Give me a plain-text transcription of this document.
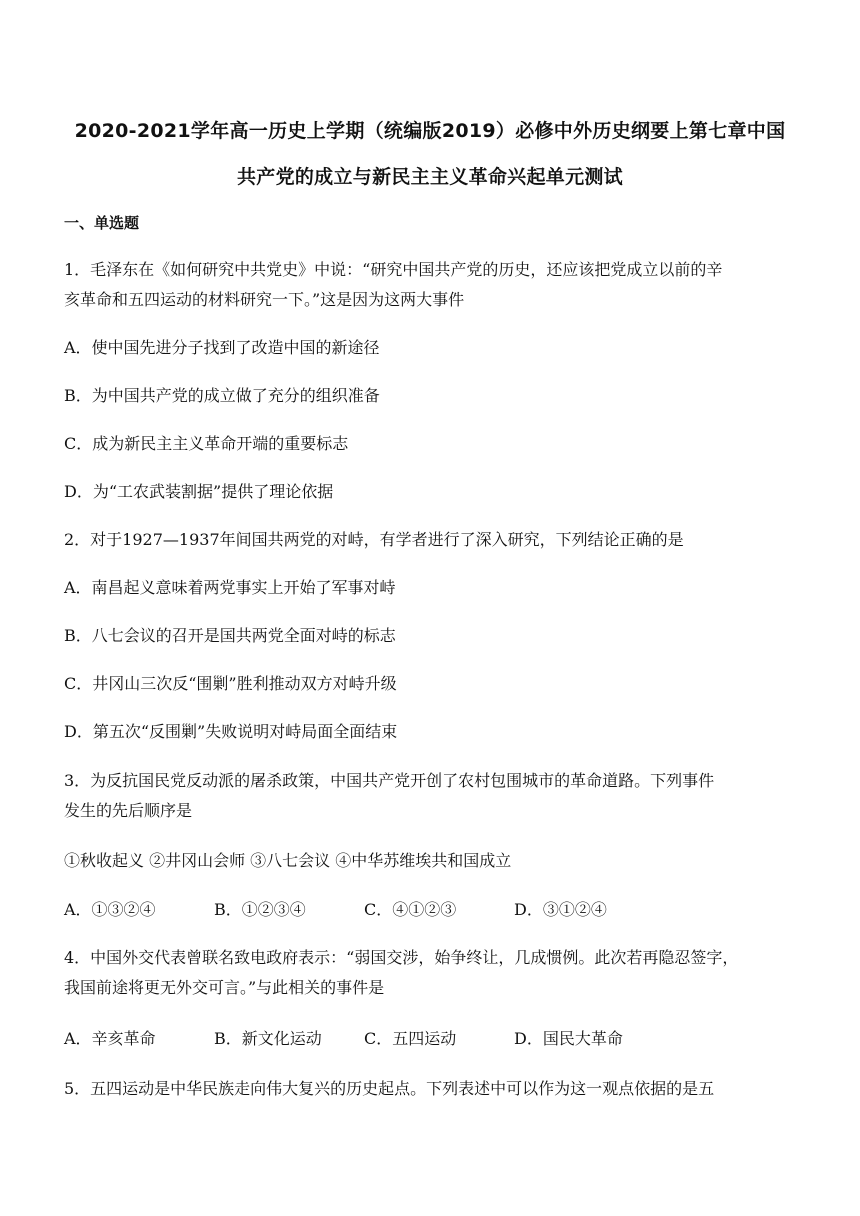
2020-2021学年高一历史上学期（统编版2019）必修中外历史纲要上第七章中国
共产党的成立与新民主主义革命兴起单元测试
一、单选题
1．毛泽东在《如何研究中共党史》中说：“研究中国共产党的历史，还应该把党成立以前的辛
亥革命和五四运动的材料研究一下。”这是因为这两大事件
A．使中国先进分子找到了改造中国的新途径
B．为中国共产党的成立做了充分的组织准备
C．成为新民主主义革命开端的重要标志
D．为“工农武装割据”提供了理论依据
2．对于1927—1937年间国共两党的对峙，有学者进行了深入研究，下列结论正确的是
A．南昌起义意味着两党事实上开始了军事对峙
B．八七会议的召开是国共两党全面对峙的标志
C．井冈山三次反“围剿”胜利推动双方对峙升级
D．第五次“反围剿”失败说明对峙局面全面结束
3．为反抗国民党反动派的屠杀政策，中国共产党开创了农村包围城市的革命道路。下列事件
发生的先后顺序是
①秋收起义 ②井冈山会师 ③八七会议 ④中华苏维埃共和国成立
A．①③②④	B．①②③④	C．④①②③	D．③①②④
4．中国外交代表曾联名致电政府表示：“弱国交涉，始争终让，几成惯例。此次若再隐忍签字，
我国前途将更无外交可言。”与此相关的事件是
A．辛亥革命	B．新文化运动	C．五四运动	D．国民大革命
5．五四运动是中华民族走向伟大复兴的历史起点。下列表述中可以作为这一观点依据的是五
